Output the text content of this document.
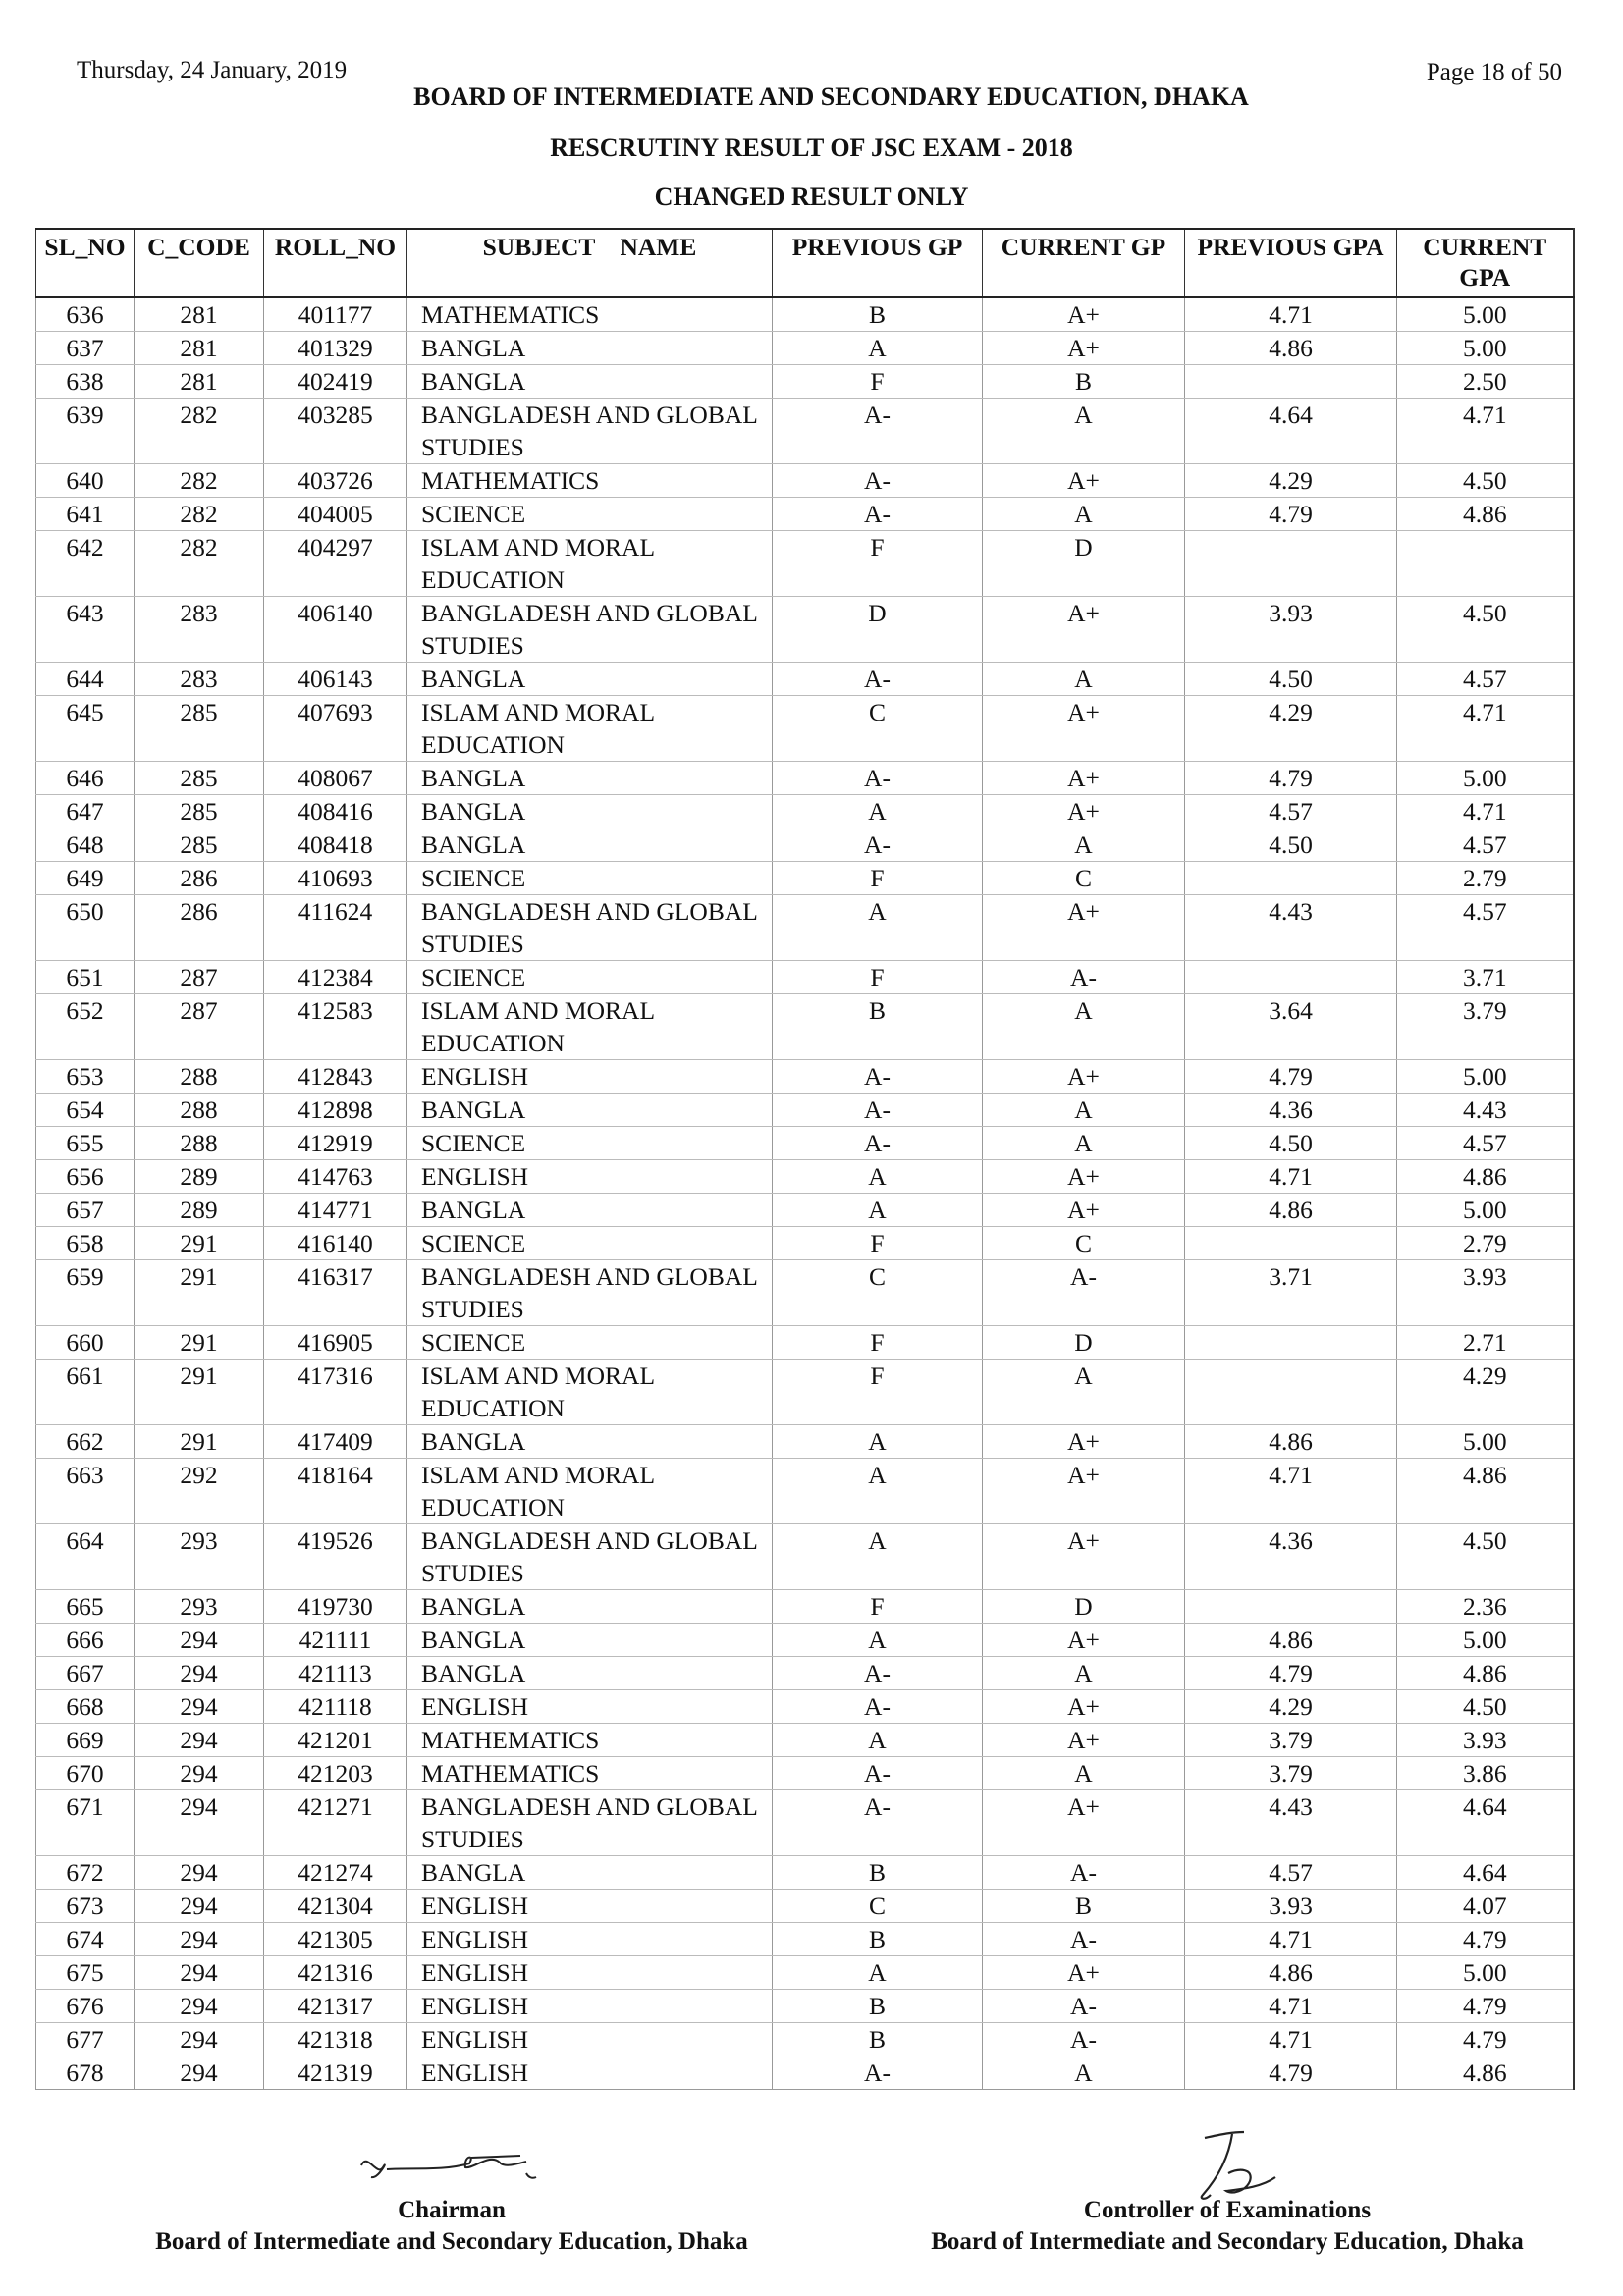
Thursday, 24 January, 2019	Page 18 of 50
BOARD OF INTERMEDIATE AND SECONDARY EDUCATION, DHAKA
RESCRUTINY RESULT OF JSC EXAM - 2018
CHANGED RESULT ONLY
SL_NO	C_CODE	ROLL_NO	SUBJECT    NAME	PREVIOUS GP	CURRENT GP	PREVIOUS GPA	CURRENT GPA
636	281	401177	MATHEMATICS	B	A+	4.71	5.00
637	281	401329	BANGLA	A	A+	4.86	5.00
638	281	402419	BANGLA	F	B		2.50
639	282	403285	BANGLADESH AND GLOBAL STUDIES	A-	A	4.64	4.71
640	282	403726	MATHEMATICS	A-	A+	4.29	4.50
641	282	404005	SCIENCE	A-	A	4.79	4.86
642	282	404297	ISLAM AND MORAL EDUCATION	F	D		
643	283	406140	BANGLADESH AND GLOBAL STUDIES	D	A+	3.93	4.50
644	283	406143	BANGLA	A-	A	4.50	4.57
645	285	407693	ISLAM AND MORAL EDUCATION	C	A+	4.29	4.71
646	285	408067	BANGLA	A-	A+	4.79	5.00
647	285	408416	BANGLA	A	A+	4.57	4.71
648	285	408418	BANGLA	A-	A	4.50	4.57
649	286	410693	SCIENCE	F	C		2.79
650	286	411624	BANGLADESH AND GLOBAL STUDIES	A	A+	4.43	4.57
651	287	412384	SCIENCE	F	A-		3.71
652	287	412583	ISLAM AND MORAL EDUCATION	B	A	3.64	3.79
653	288	412843	ENGLISH	A-	A+	4.79	5.00
654	288	412898	BANGLA	A-	A	4.36	4.43
655	288	412919	SCIENCE	A-	A	4.50	4.57
656	289	414763	ENGLISH	A	A+	4.71	4.86
657	289	414771	BANGLA	A	A+	4.86	5.00
658	291	416140	SCIENCE	F	C		2.79
659	291	416317	BANGLADESH AND GLOBAL STUDIES	C	A-	3.71	3.93
660	291	416905	SCIENCE	F	D		2.71
661	291	417316	ISLAM AND MORAL EDUCATION	F	A		4.29
662	291	417409	BANGLA	A	A+	4.86	5.00
663	292	418164	ISLAM AND MORAL EDUCATION	A	A+	4.71	4.86
664	293	419526	BANGLADESH AND GLOBAL STUDIES	A	A+	4.36	4.50
665	293	419730	BANGLA	F	D		2.36
666	294	421111	BANGLA	A	A+	4.86	5.00
667	294	421113	BANGLA	A-	A	4.79	4.86
668	294	421118	ENGLISH	A-	A+	4.29	4.50
669	294	421201	MATHEMATICS	A	A+	3.79	3.93
670	294	421203	MATHEMATICS	A-	A	3.79	3.86
671	294	421271	BANGLADESH AND GLOBAL STUDIES	A-	A+	4.43	4.64
672	294	421274	BANGLA	B	A-	4.57	4.64
673	294	421304	ENGLISH	C	B	3.93	4.07
674	294	421305	ENGLISH	B	A-	4.71	4.79
675	294	421316	ENGLISH	A	A+	4.86	5.00
676	294	421317	ENGLISH	B	A-	4.71	4.79
677	294	421318	ENGLISH	B	A-	4.71	4.79
678	294	421319	ENGLISH	A-	A	4.79	4.86
Chairman
Board of Intermediate and Secondary Education, Dhaka
Controller of Examinations
Board of Intermediate and Secondary Education, Dhaka
